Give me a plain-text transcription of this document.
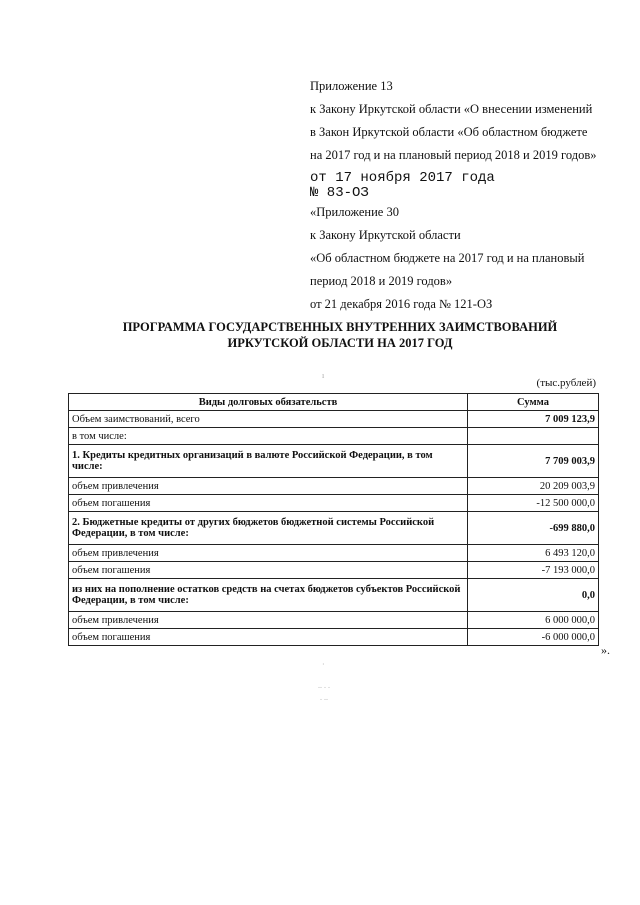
Приложение 13
к Закону Иркутской области «О внесении изменений
в Закон Иркутской области «Об областном бюджете
на 2017 год и на плановый период 2018 и 2019 годов»
от 17 ноября 2017 года
№ 83-ОЗ
«Приложение 30
к Закону Иркутской области
«Об областном бюджете на 2017 год и на плановый
период 2018 и 2019 годов»
от 21 декабря 2016 года № 121-ОЗ
ПРОГРАММА ГОСУДАРСТВЕННЫХ ВНУТРЕННИХ ЗАИМСТВОВАНИЙ
ИРКУТСКОЙ ОБЛАСТИ НА 2017 ГОД
ı
(тыс.рублей)
Виды долговых обязательств	Сумма
Объем заимствований, всего	7 009 123,9
в том числе:	
1. Кредиты кредитных организаций в валюте Российской Федерации, в том числе:	7 709 003,9
объем привлечения	20 209 003,9
объем погашения	-12 500 000,0
2. Бюджетные кредиты от других бюджетов бюджетной системы Российской Федерации, в том числе:	-699 880,0
объем привлечения	6 493 120,0
объем погашения	-7 193 000,0
из них на пополнение остатков средств на счетах бюджетов субъектов Российской Федерации, в том числе:	0,0
объем привлечения	6 000 000,0
объем погашения	-6 000 000,0
».
·
∙∙ ∙ ∙
∙ ∙∙
